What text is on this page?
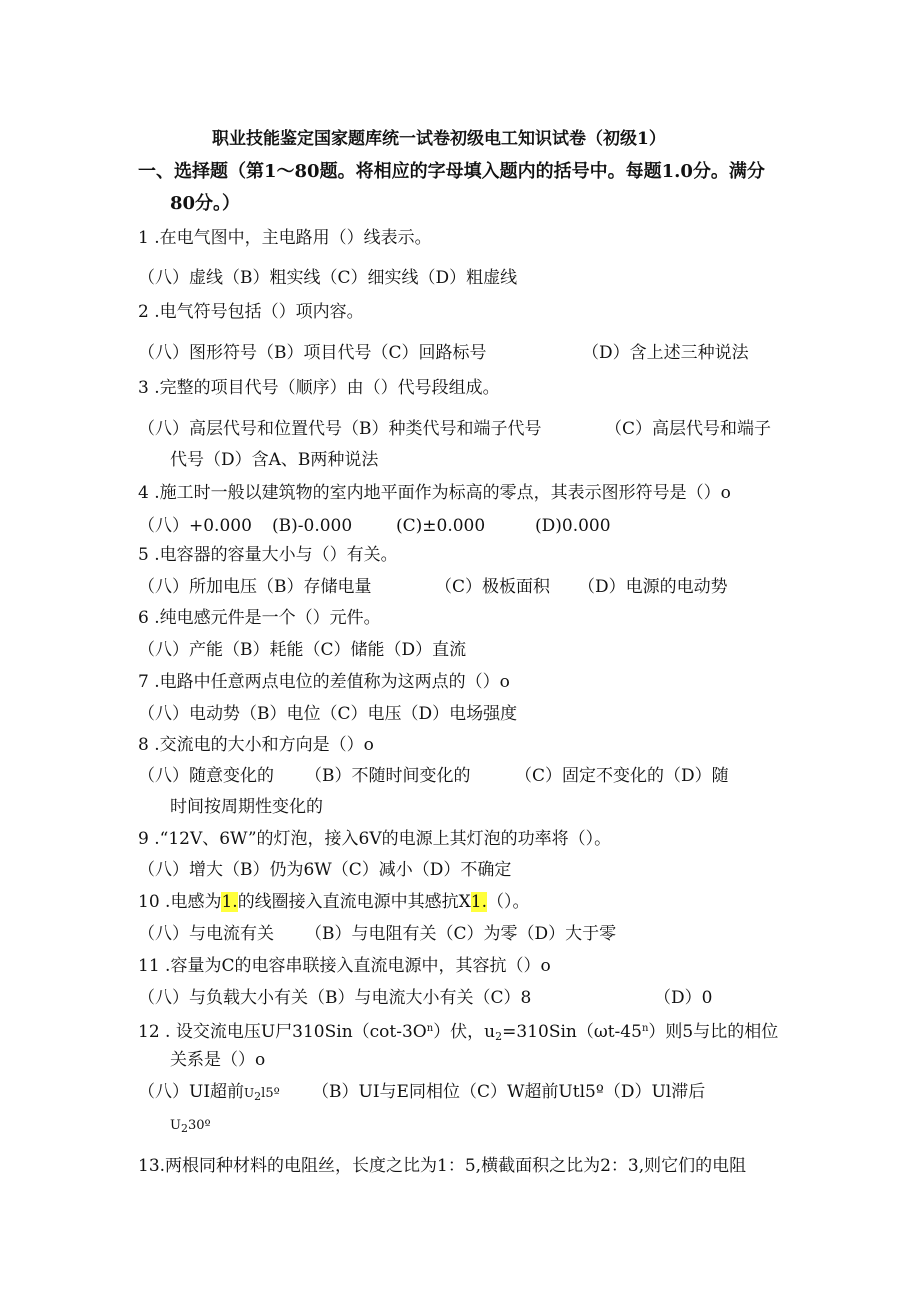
职业技能鉴定国家题库统一试卷初级电工知识试卷（初级1）
一、选择题（第1～80题。将相应的字母填入题内的括号中。每题1.0分。满分
80分。）
1 .在电气图中，主电路用（）线表示。
（八）虚线（B）粗实线（C）细实线（D）粗虚线
2 .电气符号包括（）项内容。
（八）图形符号（B）项目代号（C）回路标号	（D）含上述三种说法
3 .完整的项目代号（顺序）由（）代号段组成。
（八）高层代号和位置代号（B）种类代号和端子代号	（C）高层代号和端子
代号（D）含A、B两种说法
4 .施工时一般以建筑物的室内地平面作为标高的零点，其表示图形符号是（）o
（八）+0.000 (B)-0.000	(C)±0.000	(D)0.000
5 .电容器的容量大小与（）有关。
（八）所加电压（B）存储电量	（C）极板面积 （D）电源的电动势
6 .纯电感元件是一个（）元件。
（八）产能（B）耗能（C）储能（D）直流
7 .电路中任意两点电位的差值称为这两点的（）o
（八）电动势（B）电位（C）电压（D）电场强度
8 .交流电的大小和方向是（）o
（八）随意变化的 （B）不随时间变化的	（C）固定不变化的（D）随
时间按周期性变化的
9 .“12V、6W”的灯泡，接入6V的电源上其灯泡的功率将（）。
（八）增大（B）仍为6W（C）减小（D）不确定
10 .电感为1.的线圈接入直流电源中其感抗X1.（）。
（八）与电流有关 （B）与电阻有关（C）为零（D）大于零
11 .容量为C的电容串联接入直流电源中，其容抗（）o
（八）与负载大小有关（B）与电流大小有关（C）8	（D）0
12 . 设交流电压U尸$310Sin(\cot-3O^n)$伏，$u_2=310Sin(\omega t-45^n)$则5与比的相位
关系是（）o
（八）UI超前$U_2l5º$ （B）UI与E同相位（C）W超前Utl5º（D）Ul滞后
$U_230º$
13.两根同种材料的电阻丝，长度之比为1：5,横截面积之比为2：3,则它们的电阻
